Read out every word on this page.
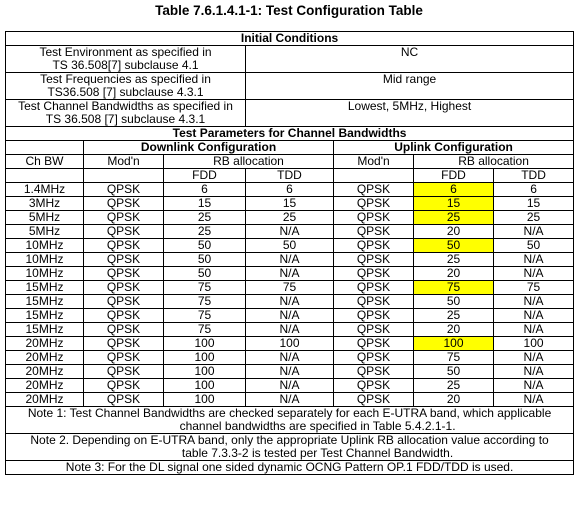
Table 7.6.1.4.1-1: Test Configuration Table
Initial Conditions						

Test Environment as specified in
TS 36.508[7] subclause 4.1			NC			

Test Frequencies as specified in
TS36.508 [7] subclause 4.3.1			Mid range			

Test Channel Bandwidths as specified in
TS 36.508 [7] subclause 4.3.1			Lowest, 5MHz, Highest			
Test Parameters for Channel Bandwidths						
	Downlink Configuration			Uplink Configuration		
Ch BW	Mod'n	RB allocation		Mod'n	RB allocation	
		FDD	TDD		FDD	TDD
1.4MHz	QPSK	6	6	QPSK	6	6
3MHz	QPSK	15	15	QPSK	15	15
5MHz	QPSK	25	25	QPSK	25	25
5MHz	QPSK	25	N/A	QPSK	20	N/A
10MHz	QPSK	50	50	QPSK	50	50
10MHz	QPSK	50	N/A	QPSK	25	N/A
10MHz	QPSK	50	N/A	QPSK	20	N/A
15MHz	QPSK	75	75	QPSK	75	75
15MHz	QPSK	75	N/A	QPSK	50	N/A
15MHz	QPSK	75	N/A	QPSK	25	N/A
15MHz	QPSK	75	N/A	QPSK	20	N/A
20MHz	QPSK	100	100	QPSK	100	100
20MHz	QPSK	100	N/A	QPSK	75	N/A
20MHz	QPSK	100	N/A	QPSK	50	N/A
20MHz	QPSK	100	N/A	QPSK	25	N/A
20MHz	QPSK	100	N/A	QPSK	20	N/A

Note 1: Test Channel Bandwidths are checked separately for each E-UTRA band, which applicable
channel bandwidths are specified in Table 5.4.2.1-1.						

Note 2. Depending on E-UTRA band, only the appropriate Uplink RB allocation value according to
table 7.3.3-2 is tested per Test Channel Bandwidth.						

Note 3: For the DL signal one sided dynamic OCNG Pattern OP.1 FDD/TDD is used.						
